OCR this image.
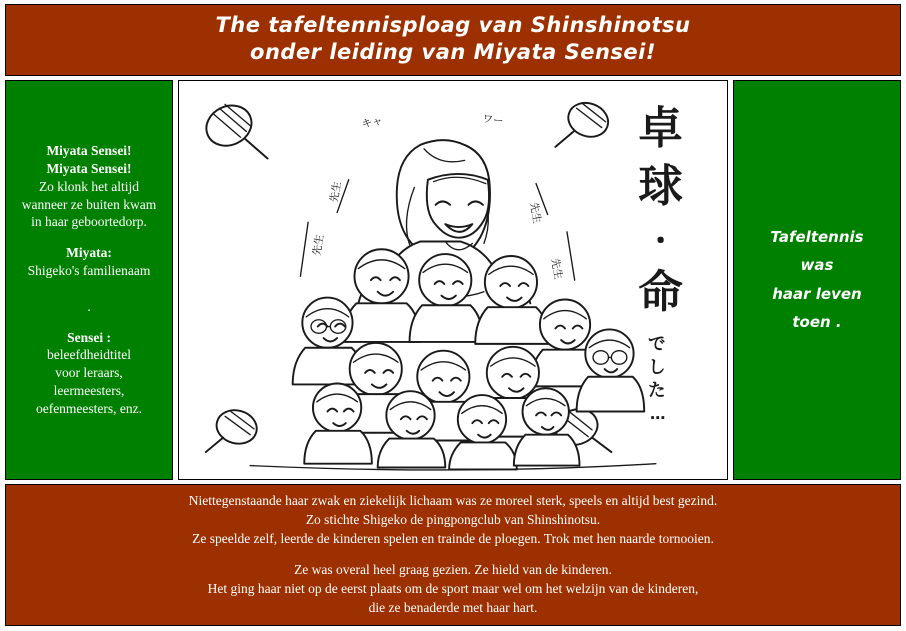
The tafeltennisploag van Shinshinotsu
onder leiding van Miyata Sensei!
Miyata Sensei!
Miyata Sensei!
Zo klonk het altijd
wanneer ze buiten kwam
in haar geboortedorp.
Miyata:
Shigeko's familienaam

.
Sensei :
beleefdheidtitel
voor leraars,
leermeesters,
oefenmeesters, enz.
卓
球
・
命
で
し
た
…
キャ	ワー
先生
先生
先生
先生
Tafeltennis
was
haar leven
toen .
Niettegenstaande haar zwak en ziekelijk lichaam was ze moreel sterk, speels en altijd best gezind.
Zo stichte Shigeko de pingpongclub van Shinshinotsu.
Ze speelde zelf, leerde de kinderen spelen en trainde de ploegen. Trok met hen naarde tornooien.
Ze was overal heel graag gezien. Ze hield van de kinderen.
Het ging haar niet op de eerst plaats om de sport maar wel om het welzijn van de kinderen,
die ze benaderde met haar hart.
